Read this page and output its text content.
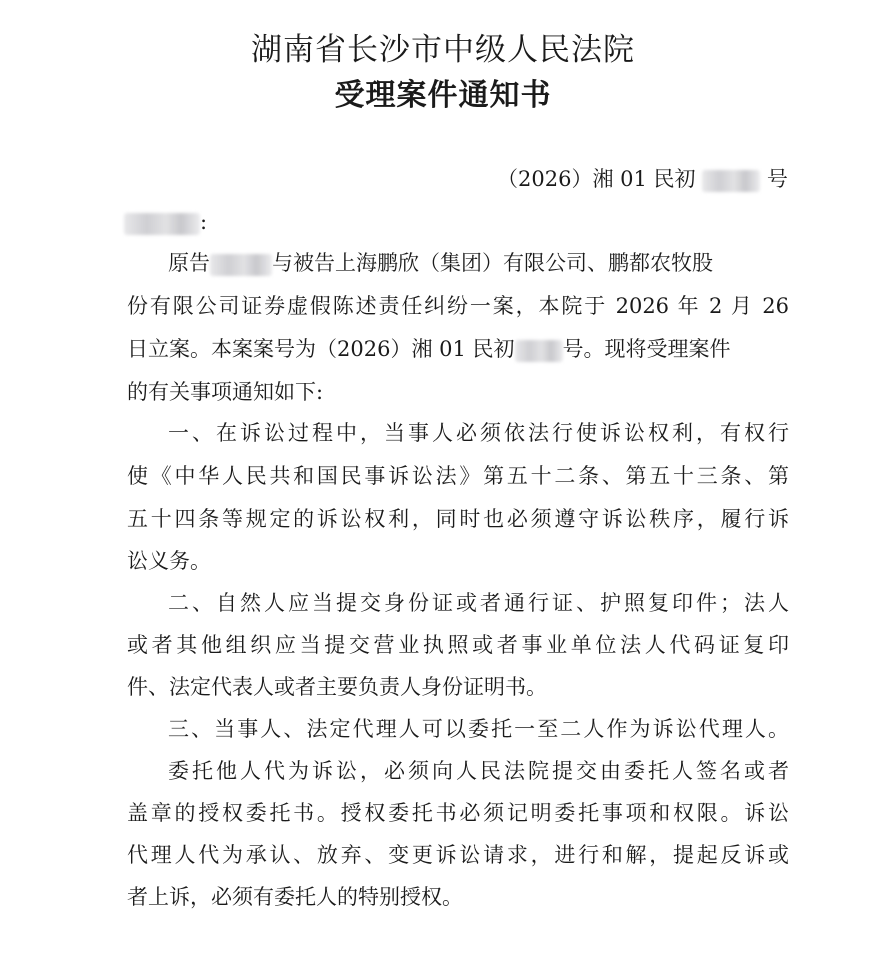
湖南省长沙市中级人民法院
受理案件通知书
（2026）湘 01 民初	号
:
原告	与被告上海鹏欣（集团）有限公司、鹏都农牧股
份有限公司证券虚假陈述责任纠纷一案，本院于 2026 年 2 月 26
日立案。本案案号为（2026）湘 01 民初 号。现将受理案件
的有关事项通知如下:
一、在诉讼过程中，当事人必须依法行使诉讼权利，有权行
使《中华人民共和国民事诉讼法》第五十二条、第五十三条、第
五十四条等规定的诉讼权利，同时也必须遵守诉讼秩序，履行诉
讼义务。
二、自然人应当提交身份证或者通行证、护照复印件；法人
或者其他组织应当提交营业执照或者事业单位法人代码证复印
件、法定代表人或者主要负责人身份证明书。
三、当事人、法定代理人可以委托一至二人作为诉讼代理人。
委托他人代为诉讼，必须向人民法院提交由委托人签名或者
盖章的授权委托书。授权委托书必须记明委托事项和权限。诉讼
代理人代为承认、放弃、变更诉讼请求，进行和解，提起反诉或
者上诉，必须有委托人的特别授权。
